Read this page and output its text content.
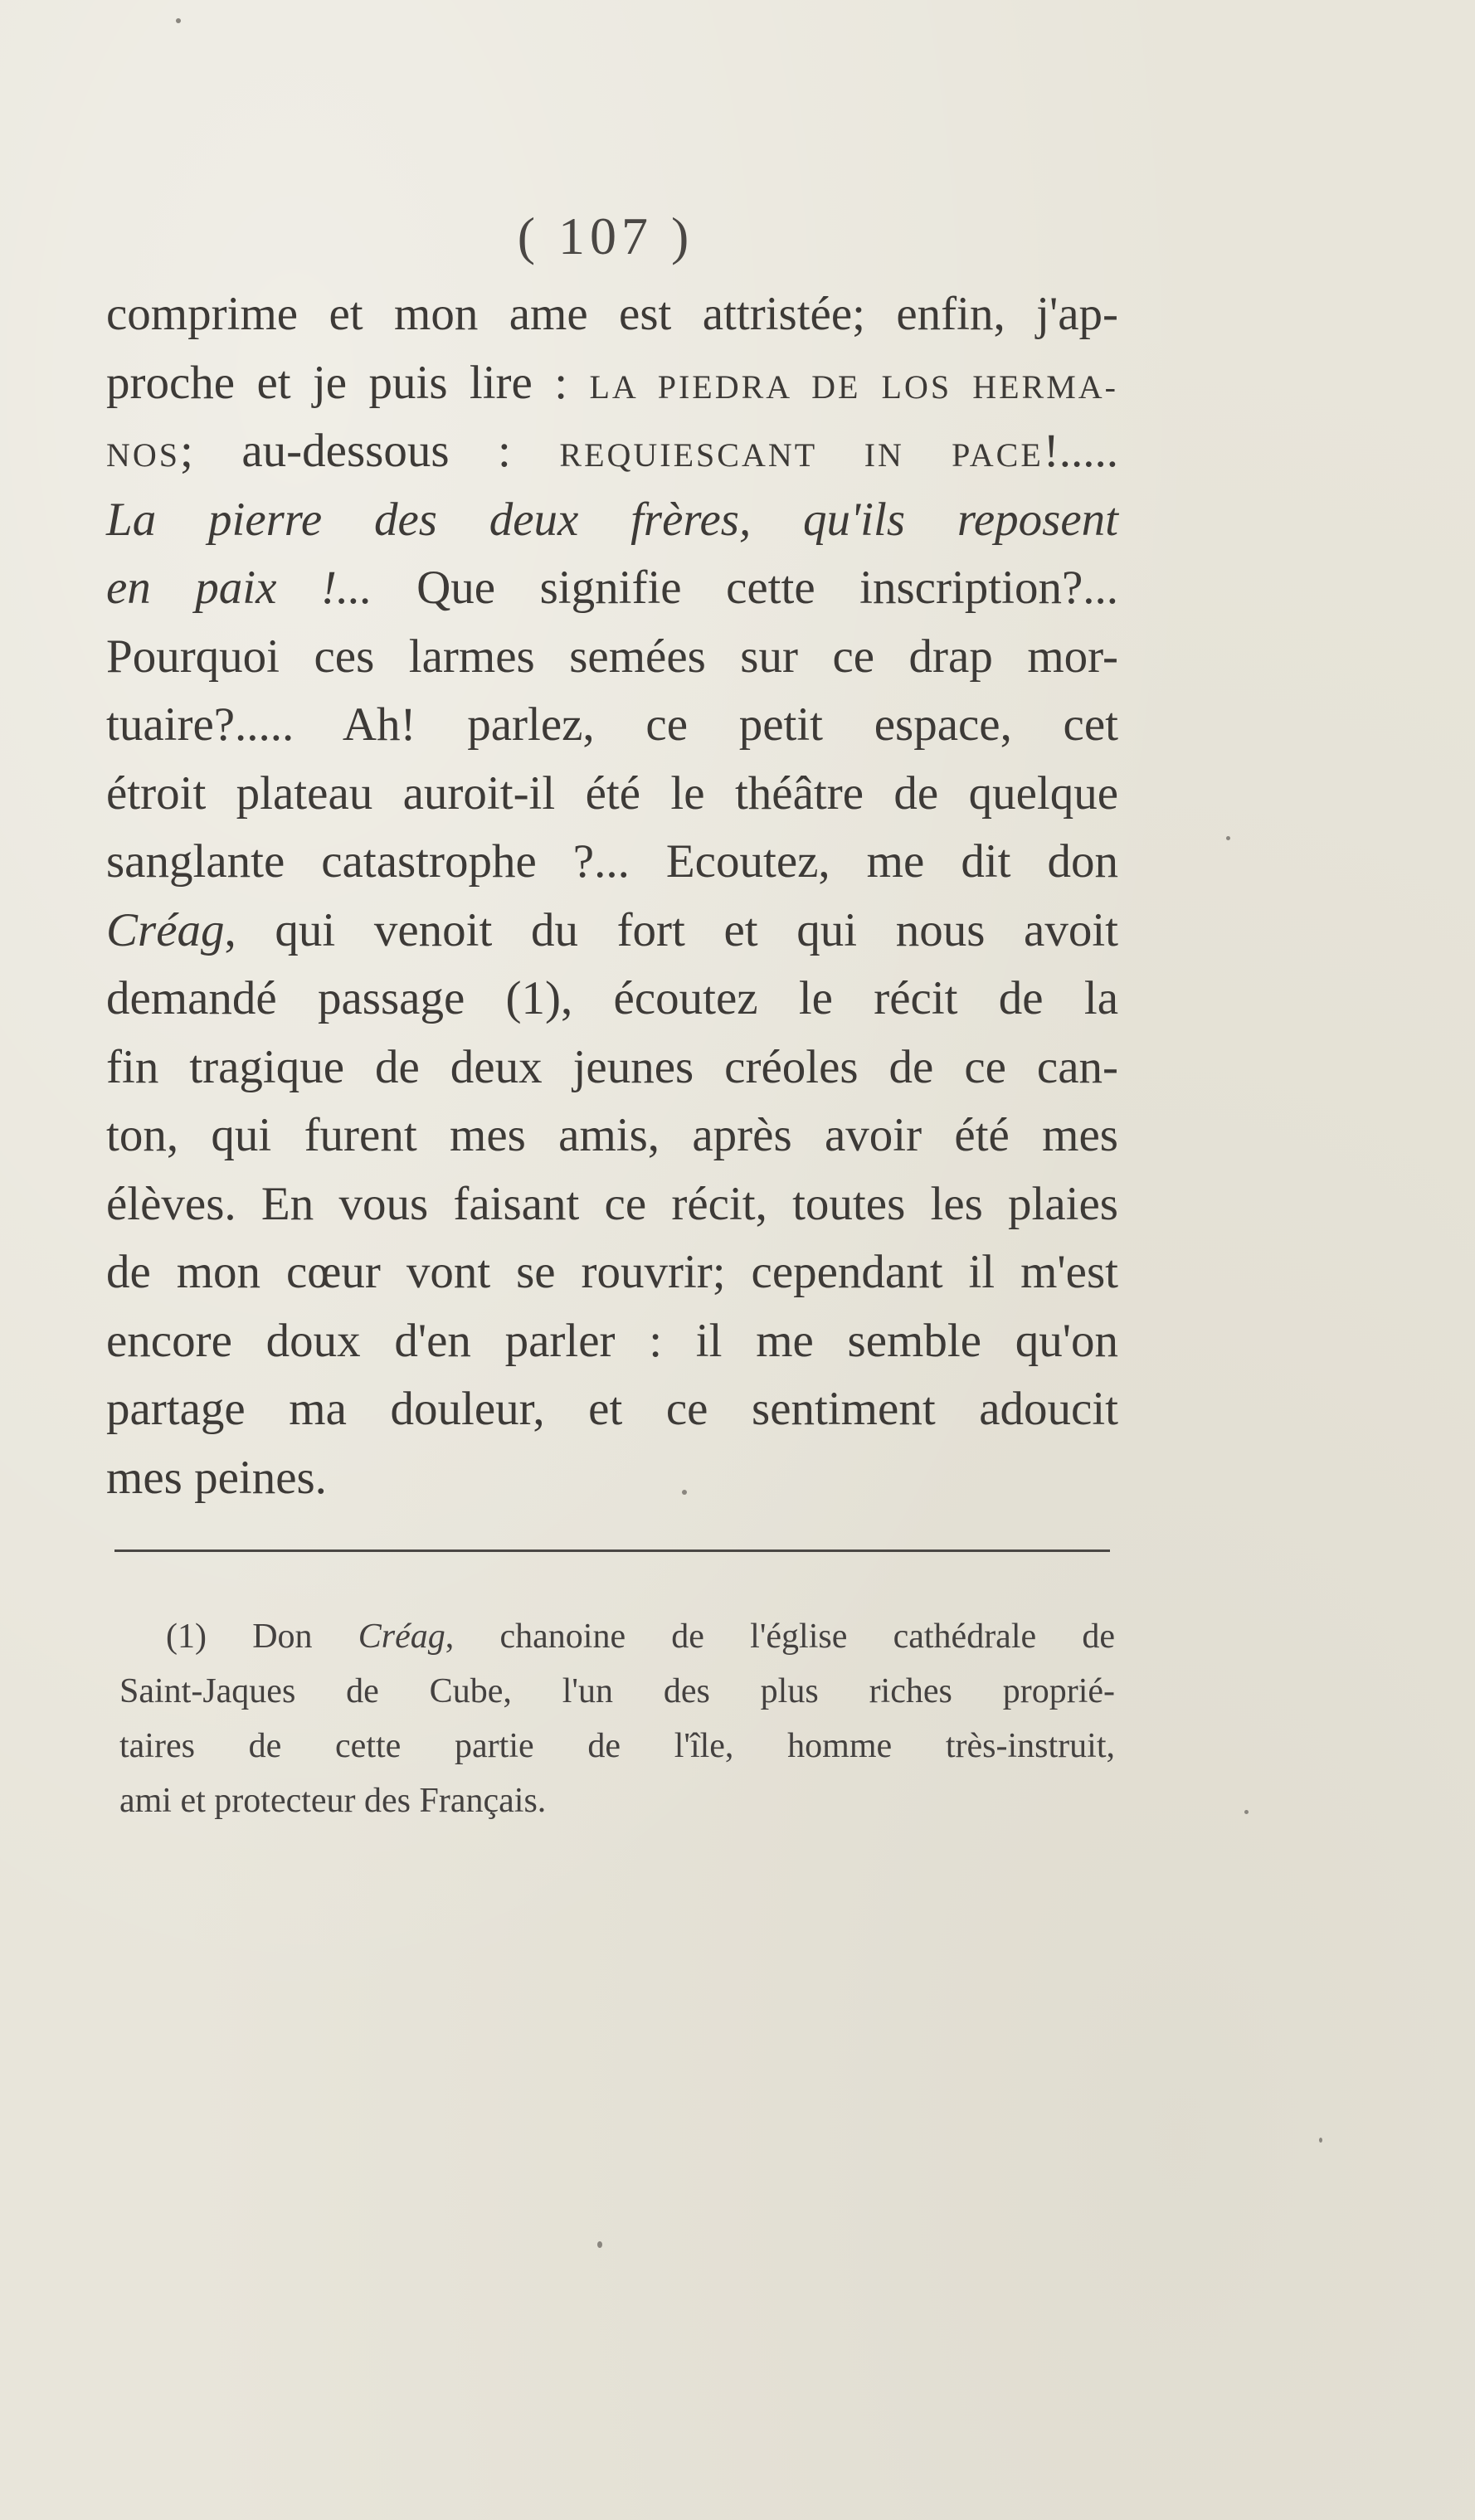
( 107 )
comprime et mon ame est attristée; enfin, j'ap-
proche et je puis lire : LA PIEDRA DE LOS HERMA-
NOS; au-dessous : REQUIESCANT IN PACE!.....
La pierre des deux frères, qu'ils reposent
en paix !... Que signifie cette inscription?...
Pourquoi ces larmes semées sur ce drap mor-
tuaire?..... Ah! parlez, ce petit espace, cet
étroit plateau auroit-il été le théâtre de quelque
sanglante catastrophe ?... Ecoutez, me dit don
Créag, qui venoit du fort et qui nous avoit
demandé passage (1), écoutez le récit de la
fin tragique de deux jeunes créoles de ce can-
ton, qui furent mes amis, après avoir été mes
élèves. En vous faisant ce récit, toutes les plaies
de mon cœur vont se rouvrir; cependant il m'est
encore doux d'en parler : il me semble qu'on
partage ma douleur, et ce sentiment adoucit
mes peines.
(1) Don Créag, chanoine de l'église cathédrale de
Saint-Jaques de Cube, l'un des plus riches proprié-
taires de cette partie de l'île, homme très-instruit,
ami et protecteur des Français.
